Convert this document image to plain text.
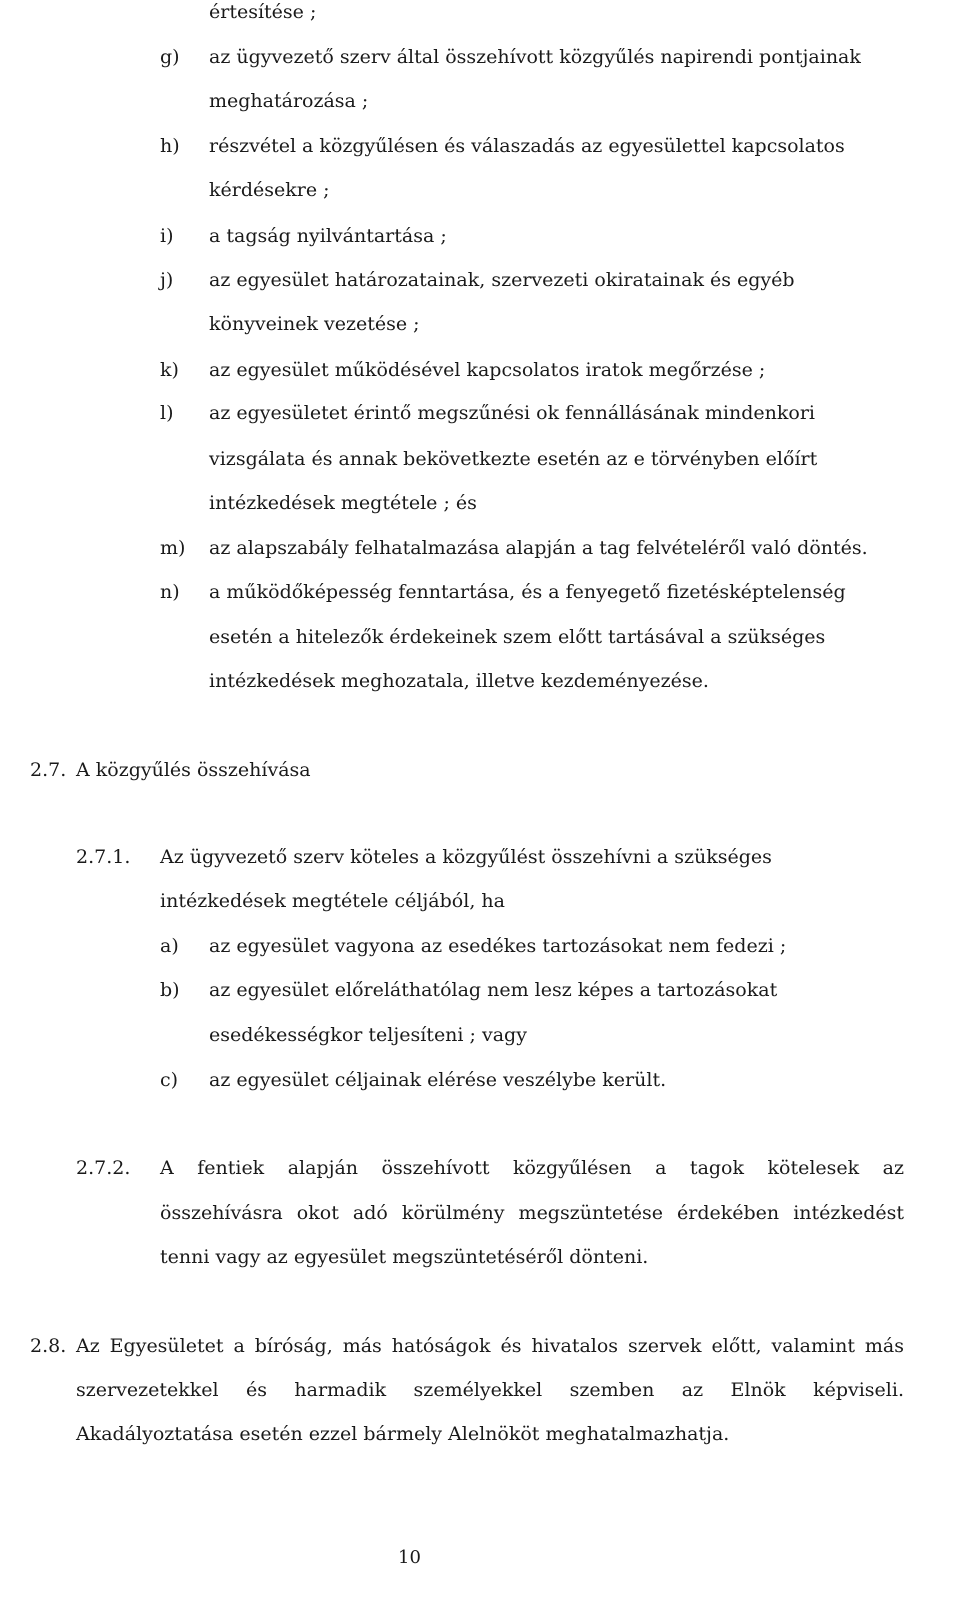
értesítése ;
g) az ügyvezető szerv által összehívott közgyűlés napirendi pontjainak
meghatározása ;
h) részvétel a közgyűlésen és válaszadás az egyesülettel kapcsolatos
kérdésekre ;
i) a tagság nyilvántartása ;
j) az egyesület határozatainak, szervezeti okiratainak és egyéb
könyveinek vezetése ;
k) az egyesület működésével kapcsolatos iratok megőrzése ;
l) az egyesületet érintő megszűnési ok fennállásának mindenkori
vizsgálata és annak bekövetkezte esetén az e törvényben előírt
intézkedések megtétele ; és
m) az alapszabály felhatalmazása alapján a tag felvételéről való döntés.
n) a működőképesség fenntartása, és a fenyegető fizetésképtelenség
esetén a hitelezők érdekeinek szem előtt tartásával a szükséges
intézkedések meghozatala, illetve kezdeményezése.
2.7. A közgyűlés összehívása
2.7.1. Az ügyvezető szerv köteles a közgyűlést összehívni a szükséges
intézkedések megtétele céljából, ha
a) az egyesület vagyona az esedékes tartozásokat nem fedezi ;
b) az egyesület előreláthatólag nem lesz képes a tartozásokat
esedékességkor teljesíteni ; vagy
c) az egyesület céljainak elérése veszélybe került.
2.7.2. A fentiek alapján összehívott közgyűlésen a tagok kötelesek az
összehívásra okot adó körülmény megszüntetése érdekében intézkedést
tenni vagy az egyesület megszüntetéséről dönteni.
2.8. Az Egyesületet a bíróság, más hatóságok és hivatalos szervek előtt, valamint más
szervezetekkel és harmadik személyekkel szemben az Elnök képviseli.
Akadályoztatása esetén ezzel bármely Alelnököt meghatalmazhatja.
10
